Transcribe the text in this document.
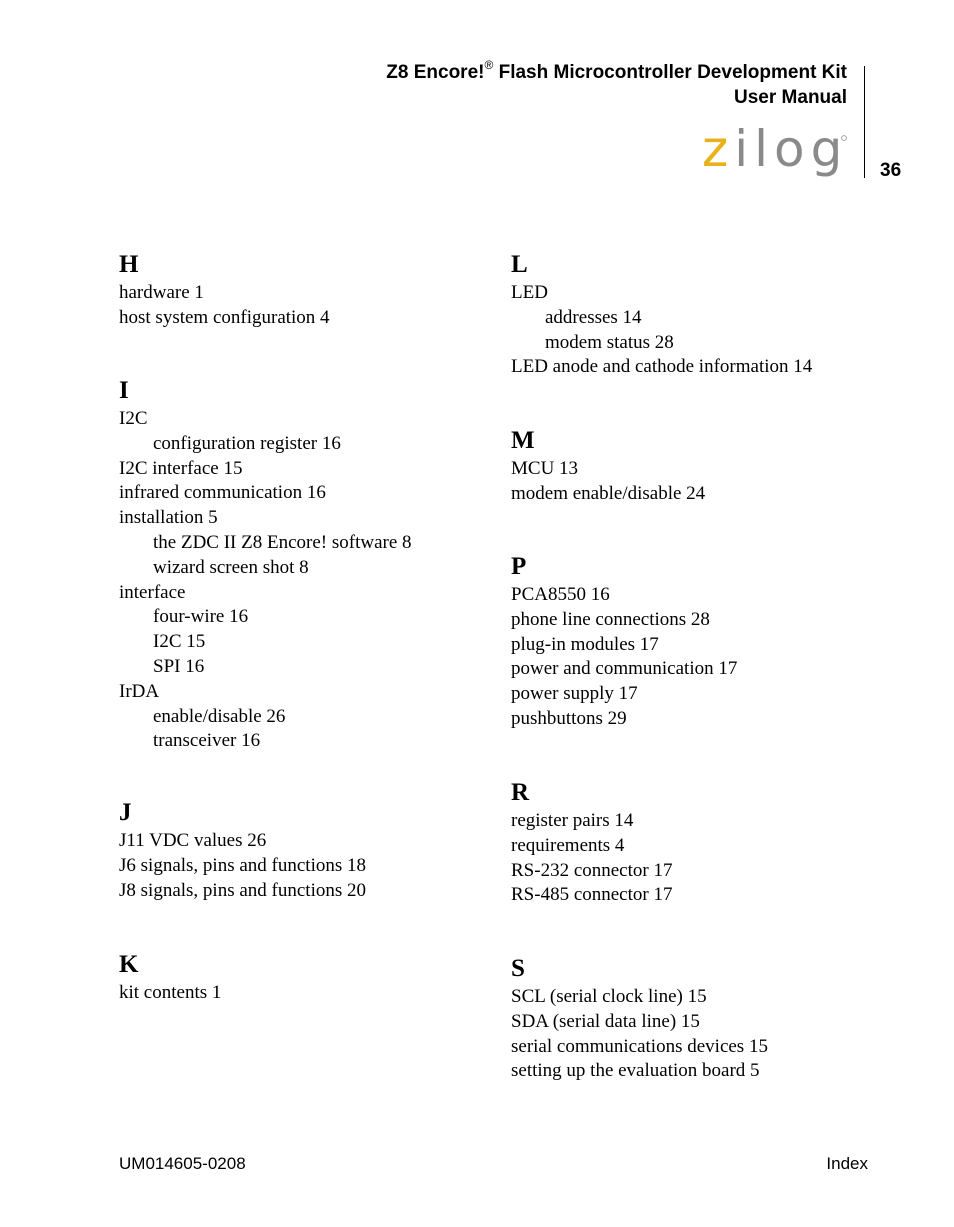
Z8 Encore!® Flash Microcontroller Development Kit
User Manual
zilog 36
H
hardware 1
host system configuration 4
I
I2C
configuration register 16
I2C interface 15
infrared communication 16
installation 5
the ZDC II Z8 Encore! software 8
wizard screen shot 8
interface
four-wire 16
I2C 15
SPI 16
IrDA
enable/disable 26
transceiver 16
J
J11 VDC values 26
J6 signals, pins and functions 18
J8 signals, pins and functions 20
K
kit contents 1
L
LED
addresses 14
modem status 28
LED anode and cathode information 14
M
MCU 13
modem enable/disable 24
P
PCA8550 16
phone line connections 28
plug-in modules 17
power and communication 17
power supply 17
pushbuttons 29
R
register pairs 14
requirements 4
RS-232 connector 17
RS-485 connector 17
S
SCL (serial clock line) 15
SDA (serial data line) 15
serial communications devices 15
setting up the evaluation board 5
UM014605-0208	Index
